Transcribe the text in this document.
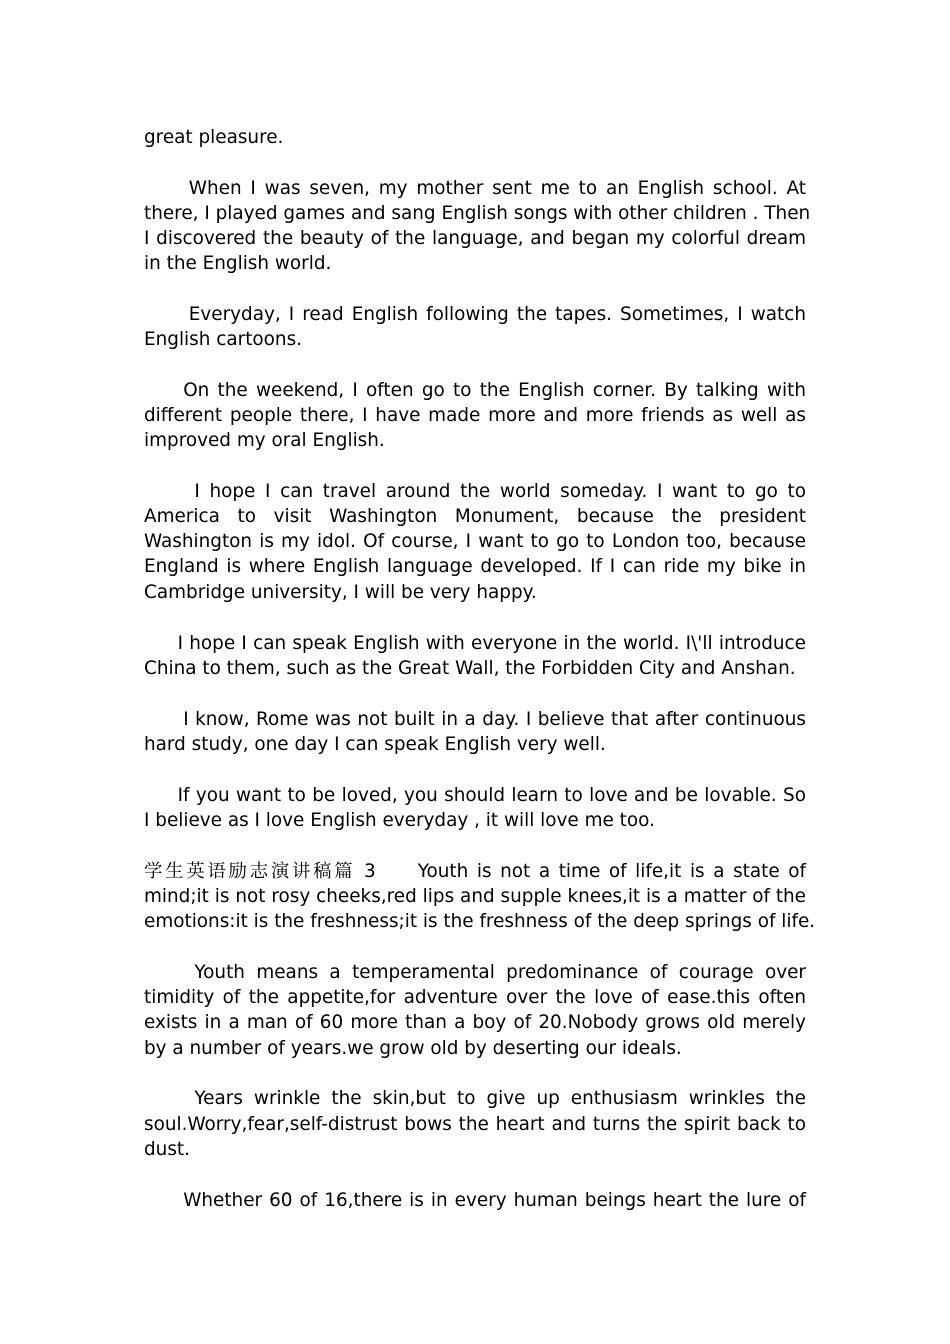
great pleasure.
When I was seven, my mother sent me to an English school. At
there, I played games and sang English songs with other children . Then
I discovered the beauty of the language, and began my colorful dream
in the English world.
Everyday, I read English following the tapes. Sometimes, I watch
English cartoons.
On the weekend, I often go to the English corner. By talking with
different people there, I have made more and more friends as well as
improved my oral English.
I hope I can travel around the world someday. I want to go to
America to visit Washington Monument, because the president
Washington is my idol. Of course, I want to go to London too, because
England is where English language developed. If I can ride my bike in
Cambridge university, I will be very happy.
I hope I can speak English with everyone in the world. I\'ll introduce
China to them, such as the Great Wall, the Forbidden City and Anshan.
I know, Rome was not built in a day. I believe that after continuous
hard study, one day I can speak English very well.
If you want to be loved, you should learn to love and be lovable. So
I believe as I love English everyday , it will love me too.
学生英语励志演讲稿篇 3 Youth is not a time of life,it is a state of
mind;it is not rosy cheeks,red lips and supple knees,it is a matter of the
emotions:it is the freshness;it is the freshness of the deep springs of life.
Youth means a temperamental predominance of courage over
timidity of the appetite,for adventure over the love of ease.this often
exists in a man of 60 more than a boy of 20.Nobody grows old merely
by a number of years.we grow old by deserting our ideals.
Years wrinkle the skin,but to give up enthusiasm wrinkles the
soul.Worry,fear,self-distrust bows the heart and turns the spirit back to
dust.
Whether 60 of 16,there is in every human beings heart the lure of
